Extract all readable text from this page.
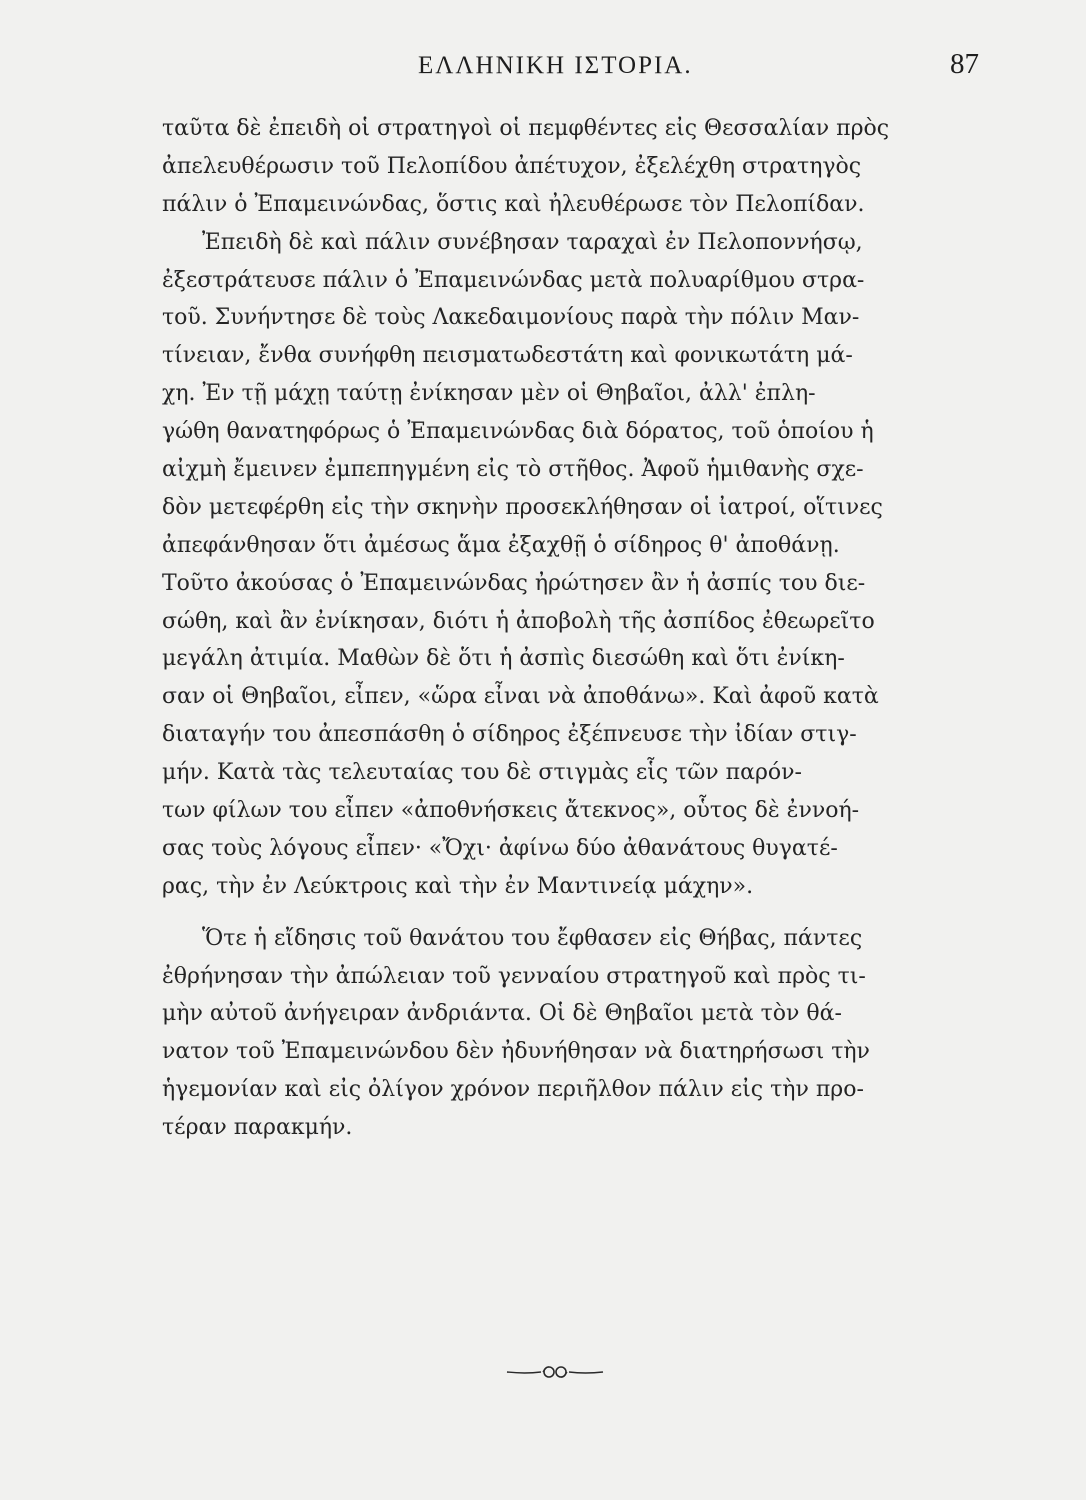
ΕΛΛΗΝΙΚΗ ΙΣΤΟΡΙΑ.	87
ταῦτα δὲ ἐπειδὴ οἱ στρατηγοὶ οἱ πεμφθέντες εἰς Θεσσαλίαν πρὸς
ἀπελευθέρωσιν τοῦ Πελοπίδου ἀπέτυχον, ἐξελέχθη στρατηγὸς
πάλιν ὁ Ἐπαμεινώνδας, ὅστις καὶ ἠλευθέρωσε τὸν Πελοπίδαν.
Ἐπειδὴ δὲ καὶ πάλιν συνέβησαν ταραχαὶ ἐν Πελοποννήσῳ,
ἐξεστράτευσε πάλιν ὁ Ἐπαμεινώνδας μετὰ πολυαρίθμου στρα-
τοῦ. Συνήντησε δὲ τοὺς Λακεδαιμονίους παρὰ τὴν πόλιν Μαν-
τίνειαν, ἔνθα συνήφθη πεισματωδεστάτη καὶ φονικωτάτη μά-
χη. Ἐν τῇ μάχῃ ταύτῃ ἐνίκησαν μὲν οἱ Θηβαῖοι, ἀλλ' ἐπλη-
γώθη θανατηφόρως ὁ Ἐπαμεινώνδας διὰ δόρατος, τοῦ ὁποίου ἡ
αἰχμὴ ἔμεινεν ἐμπεπηγμένη εἰς τὸ στῆθος. Ἀφοῦ ἡμιθανὴς σχε-
δὸν μετεφέρθη εἰς τὴν σκηνὴν προσεκλήθησαν οἱ ἰατροί, οἵτινες
ἀπεφάνθησαν ὅτι ἀμέσως ἅμα ἐξαχθῇ ὁ σίδηρος θ' ἀποθάνῃ.
Τοῦτο ἀκούσας ὁ Ἐπαμεινώνδας ἠρώτησεν ἂν ἡ ἀσπίς του διε-
σώθη, καὶ ἂν ἐνίκησαν, διότι ἡ ἀποβολὴ τῆς ἀσπίδος ἐθεωρεῖτο
μεγάλη ἀτιμία. Μαθὼν δὲ ὅτι ἡ ἀσπὶς διεσώθη καὶ ὅτι ἐνίκη-
σαν οἱ Θηβαῖοι, εἶπεν, «ὥρα εἶναι νὰ ἀποθάνω». Καὶ ἀφοῦ κατὰ
διαταγήν του ἀπεσπάσθη ὁ σίδηρος ἐξέπνευσε τὴν ἰδίαν στιγ-
μήν. Κατὰ τὰς τελευταίας του δὲ στιγμὰς εἷς τῶν παρόν-
των φίλων του εἶπεν «ἀποθνήσκεις ἄτεκνος», οὗτος δὲ ἐννοή-
σας τοὺς λόγους εἶπεν· «Ὄχι· ἀφίνω δύο ἀθανάτους θυγατέ-
ρας, τὴν ἐν Λεύκτροις καὶ τὴν ἐν Μαντινείᾳ μάχην».
Ὅτε ἡ εἴδησις τοῦ θανάτου του ἔφθασεν εἰς Θήβας, πάντες
ἐθρήνησαν τὴν ἀπώλειαν τοῦ γενναίου στρατηγοῦ καὶ πρὸς τι-
μὴν αὐτοῦ ἀνήγειραν ἀνδριάντα. Οἱ δὲ Θηβαῖοι μετὰ τὸν θά-
νατον τοῦ Ἐπαμεινώνδου δὲν ἠδυνήθησαν νὰ διατηρήσωσι τὴν
ἡγεμονίαν καὶ εἰς ὀλίγον χρόνον περιῆλθον πάλιν εἰς τὴν προ-
τέραν παρακμήν.
